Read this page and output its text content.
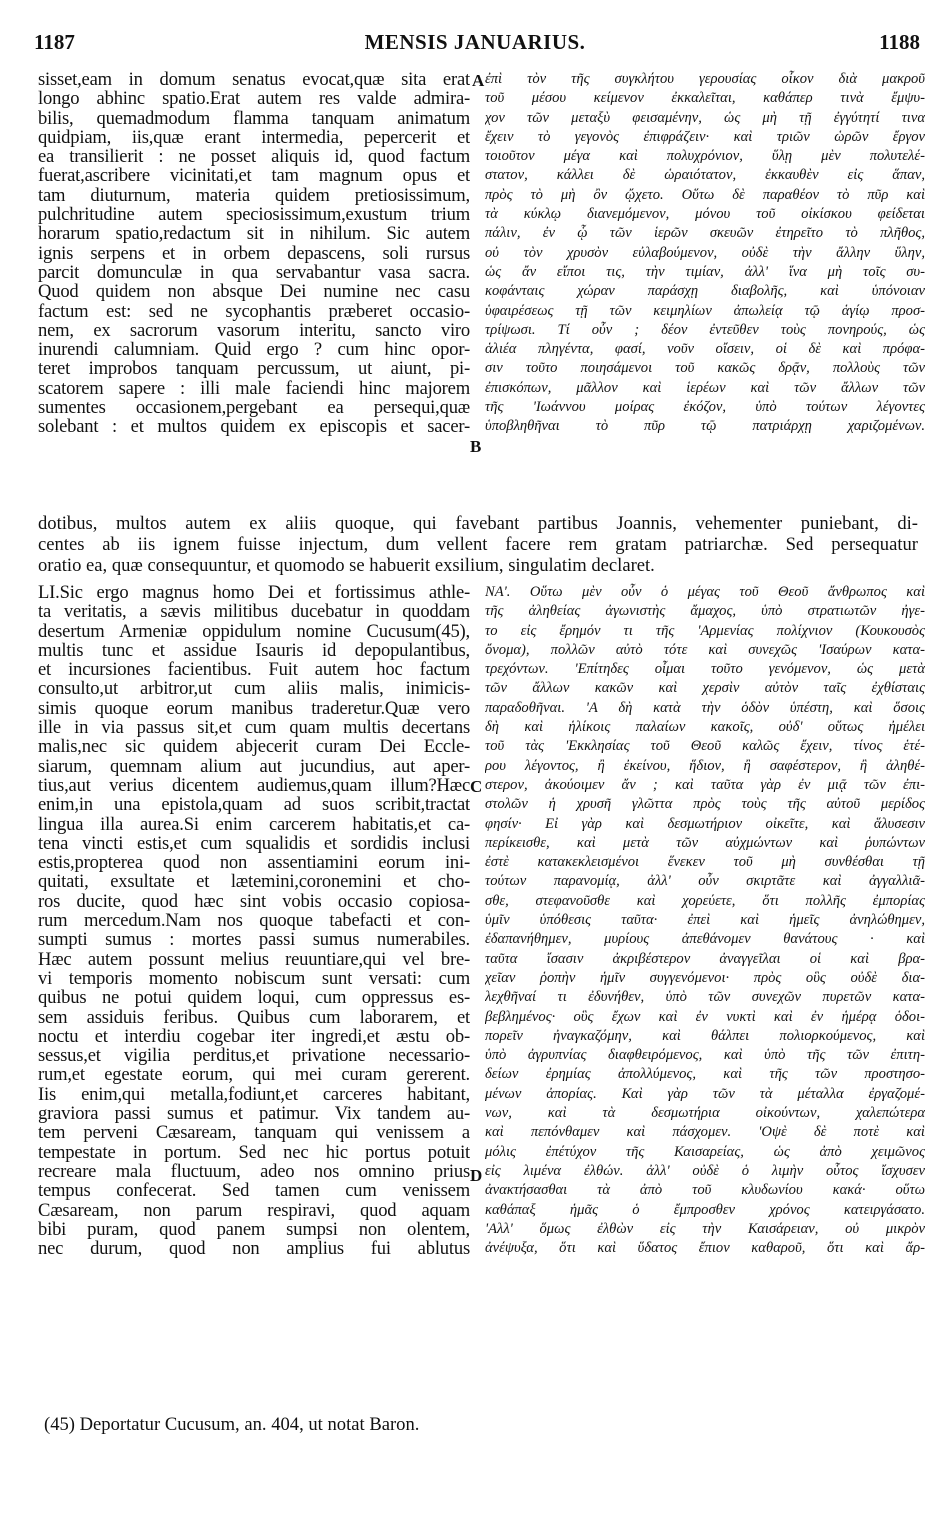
1187	MENSIS JANUARIUS.	1188
sisset,eam in domum senatus evocat,quæ sita erat
longo abhinc spatio.Erat autem res valde admira-
bilis, quemadmodum flamma tanquam animatum
quidpiam, iis,quæ erant intermedia, pepercerit et
ea transilierit : ne posset aliquis id, quod factum
fuerat,ascribere vicinitati,et tam magnum opus et
tam diuturnum, materia quidem pretiosissimum,
pulchritudine autem speciosissimum,exustum trium
horarum spatio,redactum sit in nihilum. Sic autem
ignis serpens et in orbem depascens, soli rursus
parcit domunculæ in qua servabantur vasa sacra.
Quod quidem non absque Dei numine nec casu
factum est: sed ne sycophantis præberet occasio-
nem, ex sacrorum vasorum interitu, sancto viro
inurendi calumniam. Quid ergo ? cum hinc opor-
teret improbos tanquam percussum, ut aiunt, pi-
scatorem sapere : illi male faciendi hinc majorem
sumentes occasionem,pergebant ea persequi,quæ
solebant : et multos quidem ex episcopis et sacer-
ἐπὶ τὸν τῆς συγκλήτου γερουσίας οἶκον διὰ μακροῦ
τοῦ μέσου κείμενον ἐκκαλεῖται, καθάπερ τινὰ ἔμψυ-
χον τῶν μεταξὺ φεισαμένην, ὡς μὴ τῇ ἐγγύτητί τινα
ἔχειν τὸ γεγονὸς ἐπιφράζειν· καὶ τριῶν ὡρῶν ἔργον
τοιοῦτον μέγα καὶ πολυχρόνιον, ὕλῃ μὲν πολυτελέ-
στατον, κάλλει δὲ ὡραιότατον, ἐκκαυθὲν εἰς ἅπαν,
πρὸς τὸ μὴ ὂν ᾤχετο. Οὕτω δὲ παραθέον τὸ πῦρ καὶ
τὰ κύκλῳ διανεμόμενον, μόνου τοῦ οἰκίσκου φείδεται
πάλιν, ἐν ᾧ τῶν ἱερῶν σκευῶν ἐτηρεῖτο τὸ πλῆθος,
οὐ τὸν χρυσὸν εὐλαβούμενον, οὐδὲ τὴν ἄλλην ὕλην,
ὡς ἄν εἴποι τις, τὴν τιμίαν, ἀλλ' ἵνα μὴ τοῖς συ-
κοφάνταις χώραν παράσχῃ διαβολῆς, καὶ ὑπόνοιαν
ὑφαιρέσεως τῇ τῶν κειμηλίων ἀπωλείᾳ τῷ ἁγίῳ προσ-
τρίψωσι. Τί οὖν ; δέον ἐντεῦθεν τοὺς πονηρούς, ὡς
ἁλιέα πληγέντα, φασί, νοῦν οἴσειν, οἱ δὲ καὶ πρόφα-
σιν τοῦτο ποιησάμενοι τοῦ κακῶς δρᾷν, πολλοὺς τῶν
ἐπισκόπων, μᾶλλον καὶ ἱερέων καὶ τῶν ἄλλων τῶν
τῆς 'Ιωάννου μοίρας ἐκόζον, ὑπὸ τούτων λέγοντες
ὑποβληθῆναι τὸ πῦρ τῷ πατριάρχῃ χαριζομένων.
A
B
dotibus, multos autem ex aliis quoque, qui favebant partibus Joannis, vehementer puniebant, di-
centes ab iis ignem fuisse injectum, dum vellent facere rem gratam patriarchæ. Sed persequatur
oratio ea, quæ consequuntur, et quomodo se habuerit exsilium, singulatim declaret.
LI.Sic ergo magnus homo Dei et fortissimus athle-
ta veritatis, a sævis militibus ducebatur in quoddam
desertum Armeniæ oppidulum nomine Cucusum(45),
multis tunc et assidue Isauris id depopulantibus,
et incursiones facientibus. Fuit autem hoc factum
consulto,ut arbitror,ut cum aliis malis, inimicis-
simis quoque eorum manibus traderetur.Quæ vero
ille in via passus sit,et cum quam multis decertans
malis,nec sic quidem abjecerit curam Dei Eccle-
siarum, quemnam alium aut jucundius, aut aper-
tius,aut verius dicentem audiemus,quam illum?Hæc
enim,in una epistola,quam ad suos scribit,tractat
lingua illa aurea.Si enim carcerem habitatis,et ca-
tena vincti estis,et cum squalidis et sordidis inclusi
estis,propterea quod non assentiamini eorum ini-
quitati, exsultate et lætemini,coronemini et cho-
ros ducite, quod hæc sint vobis occasio copiosa-
rum mercedum.Nam nos quoque tabefacti et con-
sumpti sumus : mortes passi sumus numerabiles.
Hæc autem possunt melius reuuntiare,qui vel bre-
vi temporis momento nobiscum sunt versati: cum
quibus ne potui quidem loqui, cum oppressus es-
sem assiduis feribus. Quibus cum laborarem, et
noctu et interdiu cogebar iter ingredi,et æstu ob-
sessus,et vigilia perditus,et privatione necessario-
rum,et egestate eorum, qui mei curam gererent.
Iis enim,qui metalla,fodiunt,et carceres habitant,
graviora passi sumus et patimur. Vix tandem au-
tem perveni Cæsaream, tanquam qui venissem a
tempestate in portum. Sed nec hic portus potuit
recreare mala fluctuum, adeo nos omnino prius
tempus confecerat. Sed tamen cum venissem
Cæsaream, non parum respiravi, quod aquam
bibi puram, quod panem sumpsi non olentem,
nec durum, quod non amplius fui ablutus
ΝΑ'. Οὕτω μὲν οὖν ὁ μέγας τοῦ Θεοῦ ἄνθρωπος καὶ
τῆς ἀληθείας ἀγωνιστὴς ἄμαχος, ὑπὸ στρατιωτῶν ἠγε-
το εἰς ἔρημόν τι τῆς 'Αρμενίας πολίχνιον (Κουκουσὸς
ὄνομα), πολλῶν αὐτὸ τότε καὶ συνεχῶς 'Ισαύρων κατα-
τρεχόντων. 'Επίτηδες οἶμαι τοῦτο γενόμενον, ὡς μετὰ
τῶν ἄλλων κακῶν καὶ χερσὶν αὐτὸν ταῖς ἐχθίσταις
παραδοθῆναι. 'Α δὴ κατὰ τὴν ὁδὸν ὑπέστη, καὶ ὅσοις
δὴ καὶ ἡλίκοις παλαίων κακοῖς, οὐδ' οὕτως ἠμέλει
τοῦ τὰς 'Εκκλησίας τοῦ Θεοῦ καλῶς ἔχειν, τίνος ἑτέ-
ρου λέγοντος, ἢ ἐκείνου, ἥδιον, ἢ σαφέστερον, ἢ ἀληθέ-
στερον, ἀκούοιμεν ἄν ; καὶ ταῦτα γὰρ ἐν μιᾷ τῶν ἐπι-
στολῶν ἡ χρυσῆ γλῶττα πρὸς τοὺς τῆς αὐτοῦ μερίδος
φησίν· Εἰ γὰρ καὶ δεσμωτήριον οἰκεῖτε, καὶ ἅλυσεσιν
περίκεισθε, καὶ μετὰ τῶν αὐχμώντων καὶ ῥυπώντων
ἐστὲ κατακεκλεισμένοι ἕνεκεν τοῦ μὴ συνθέσθαι τῇ
τούτων παρανομίᾳ, ἀλλ' οὖν σκιρτᾶτε καὶ ἀγγαλλιᾶ-
σθε, στεφανοῦσθε καὶ χορεύετε, ὅτι πολλῆς ἐμπορίας
ὑμῖν ὑπόθεσις ταῦτα· ἐπεὶ καὶ ἡμεῖς ἀνηλώθημεν,
ἐδαπανήθημεν, μυρίους ἀπεθάνομεν θανάτους · καὶ
ταῦτα ἴσασιν ἀκριβέστερον ἀναγγεῖλαι οἱ καὶ βρα-
χεῖαν ῥοπὴν ἡμῖν συγγενόμενοι· πρὸς οὓς οὐδὲ δια-
λεχθῆναί τι ἐδυνήθεν, ὑπὸ τῶν συνεχῶν πυρετῶν κατα-
βεβλημένος· οὓς ἔχων καὶ ἐν νυκτὶ καὶ ἐν ἡμέρᾳ ὁδοι-
πορεῖν ἠναγκαζόμην, καὶ θάλπει πολιορκούμενος, καὶ
ὑπὸ ἀγρυπνίας διαφθειρόμενος, καὶ ὑπὸ τῆς τῶν ἐπιτη-
δείων ἐρημίας ἀπολλύμενος, καὶ τῆς τῶν προστησο-
μένων ἀπορίας. Καὶ γὰρ τῶν τὰ μέταλλα ἐργαζομέ-
νων, καὶ τὰ δεσμωτήρια οἰκούντων, χαλεπώτερα
καὶ πεπόνθαμεν καὶ πάσχομεν. 'Οψὲ δὲ ποτὲ καὶ
μόλις ἐπέτύχον τῆς Καισαρείας, ὡς ἀπὸ χειμῶνος
εἰς λιμένα ἐλθών. ἀλλ' οὐδὲ ὁ λιμὴν οὗτος ἴσχυσεν
ἀνακτήσασθαι τὰ ἀπὸ τοῦ κλυδωνίου κακά· οὕτω
καθάπαξ ἡμᾶς ὁ ἔμπροσθεν χρόνος κατειργάσατο.
'Αλλ' ὅμως ἐλθὼν εἰς τὴν Καισάρειαν, οὐ μικρὸν
ἀνέψυξα, ὅτι καὶ ὕδατος ἔπιον καθαροῦ, ὅτι καὶ ἄρ-
C
D
(45) Deportatur Cucusum, an. 404, ut notat Baron.
